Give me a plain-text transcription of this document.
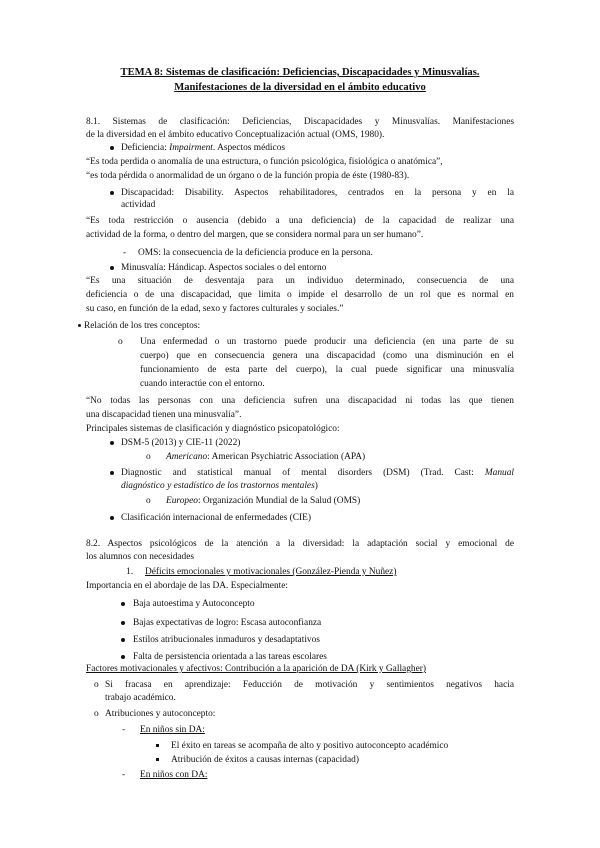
TEMA 8: Sistemas de clasificación: Deficiencias, Discapacidades y Minusvalías.
Manifestaciones de la diversidad en el ámbito educativo
8.1. Sistemas de clasificación: Deficiencias, Discapacidades y Minusvalías. Manifestaciones
de la diversidad en el ámbito educativo Conceptualización actual (OMS, 1980).
Deficiencia: Impairment. Aspectos médicos
“Es toda perdida o anomalía de una estructura, o función psicológica, fisiológica o anatómica”,
“es toda pérdida o anormalidad de un órgano o de la función propia de éste (1980-83).
Discapacidad: Disability. Aspectos rehabilitadores, centrados en la persona y en la
actividad
“Es toda restricción o ausencia (debido a una deficiencia) de la capacidad de realizar una
actividad de la forma, o dentro del margen, que se considera normal para un ser humano”.
- OMS: la consecuencia de la deficiencia produce en la persona.
Minusvalía: Hándicap. Aspectos sociales o del entorno
“Es una situación de desventaja para un individuo determinado, consecuencia de una
deficiencia o de una discapacidad, que limita o impide el desarrollo de un rol que es normal en
su caso, en función de la edad, sexo y factores culturales y sociales.”
Relación de los tres conceptos:
o Una enfermedad o un trastorno puede producir una deficiencia (en una parte de su
cuerpo) que en consecuencia genera una discapacidad (como una disminución en el
funcionamiento de esta parte del cuerpo), la cual puede significar una minusvalía
cuando interactúe con el entorno.
“No todas las personas con una deficiencia sufren una discapacidad ni todas las que tienen
una discapacidad tienen una minusvalía”.
Principales sistemas de clasificación y diagnóstico psicopatológico:
DSM-5 (2013) y CIE-11 (2022)
o Americano: American Psychiatric Association (APA)
Diagnostic and statistical manual of mental disorders (DSM) (Trad. Cast: Manual
diagnóstico y estadístico de los trastornos mentales)
o Europeo: Organización Mundial de la Salud (OMS)
Clasificación internacional de enfermedades (CIE)
8.2. Aspectos psicológicos de la atención a la diversidad: la adaptación social y emocional de
los alumnos con necesidades
1. Déficits emocionales y motivacionales (González-Pienda y Nuñez)
Importancia en el abordaje de las DA. Especialmente:
Baja autoestima y Autoconcepto
Bajas expectativas de logro: Escasa autoconfianza
Estilos atribucionales inmaduros y desadaptativos
Falta de persistencia orientada a las tareas escolares
Factores motivacionales y afectivos: Contribución a la aparición de DA (Kirk y Gallagher)
o Si fracasa en aprendizaje: Feducción de motivación y sentimientos negativos hacia
trabajo académico.
o Atribuciones y autoconcepto:
- En niños sin DA:
El éxito en tareas se acompaña de alto y positivo autoconcepto académico
Atribución de éxitos a causas internas (capacidad)
- En niños con DA:
